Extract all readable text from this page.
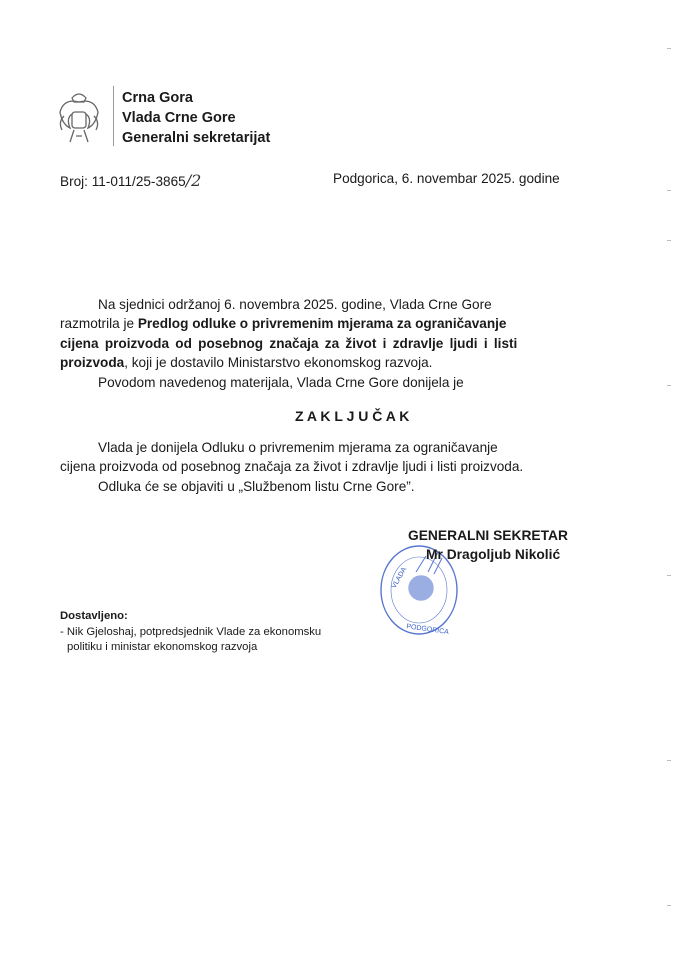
Crna Gora
Vlada Crne Gore
Generalni sekretarijat
Broj: 11-011/25-3865/2	Podgorica, 6. novembar 2025. godine
Na sjednici održanoj 6. novembra 2025. godine, Vlada Crne Gore
razmotrila je Predlog odluke o privremenim mjerama za ograničavanje
cijena proizvoda od posebnog značaja za život i zdravlje ljudi i listi
proizvoda, koji je dostavilo Ministarstvo ekonomskog razvoja.
Povodom navedenog materijala, Vlada Crne Gore donijela je
Z A K L J U Č A K
Vlada je donijela Odluku o privremenim mjerama za ograničavanje
cijena proizvoda od posebnog značaja za život i zdravlje ljudi i listi proizvoda.
Odluka će se objaviti u „Službenom listu Crne Gore”.
PODGORICA
VLADA
GENERALNI SEKRETAR
Mr Dragoljub Nikolić
Dostavljeno:
- Nik Gjeloshaj, potpredsjednik Vlade za ekonomsku
politiku i ministar ekonomskog razvoja
